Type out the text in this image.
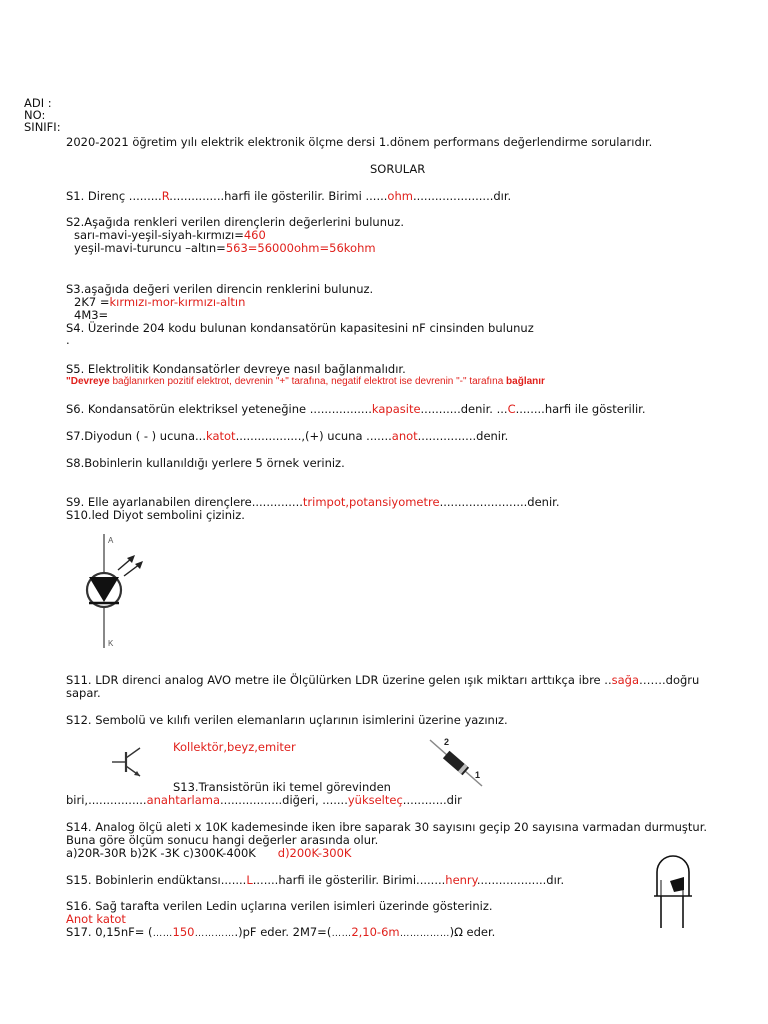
ADI :
NO:
SINIFI:
2020-2021 öğretim yılı elektrik elektronik ölçme dersi 1.dönem performans değerlendirme sorularıdır.
SORULAR
S1. Direnç .........R...............harfi ile gösterilir. Birimi ......ohm......................dır.
S2.Aşağıda renkleri verilen dirençlerin değerlerini bulunuz.
sarı-mavi-yeşil-siyah-kırmızı=460
yeşil-mavi-turuncu –altın=563=56000ohm=56kohm
S3.aşağıda değeri verilen direncin renklerini bulunuz.
2K7 =kırmızı-mor-kırmızı-altın
4M3=
S4. Üzerinde 204 kodu bulunan kondansatörün kapasitesini nF cinsinden bulunuz
.
S5. Elektrolitik Kondansatörler devreye nasıl bağlanmalıdır.
"Devreye bağlanırken pozitif elektrot, devrenin "+" tarafına, negatif elektrot ise devrenin "-" tarafına bağlanır
S6. Kondansatörün elektriksel yeteneğine .................kapasite...........denir. ...C........harfi ile gösterilir.
S7.Diyodun ( - ) ucuna...katot..................,(+) ucuna .......anot................denir.
S8.Bobinlerin kullanıldığı yerlere 5 örnek veriniz.
S9. Elle ayarlanabilen dirençlere..............trimpot,potansiyometre........................denir.
S10.led Diyot sembolini çiziniz.
A
K
S11. LDR direnci analog AVO metre ile Ölçülürken LDR üzerine gelen ışık miktarı arttıkça ibre ..sağa…….doğru
sapar.
S12. Sembolü ve kılıfı verilen elemanların uçlarının isimlerini üzerine yazınız.
Kollektör,beyz,emiter	2
1
S13.Transistörün iki temel görevinden
biri,................anahtarlama.................diğeri, .......yükselteç............dir
S14. Analog ölçü aleti x 10K kademesinde iken ibre saparak 30 sayısını geçip 20 sayısına varmadan durmuştur.
Buna göre ölçüm sonucu hangi değerler arasında olur.
a)20R-30R b)2K -3K c)300K-400K d)200K-300K
S15. Bobinlerin endüktansı.......L.......harfi ile gösterilir. Birimi........henry...................dır.
S16. Sağ tarafta verilen Ledin uçlarına verilen isimleri üzerinde gösteriniz.
Anot katot
S17. 0,15nF= (……150………….)pF eder. 2M7=(……2,10-6m……………)Ω eder.
